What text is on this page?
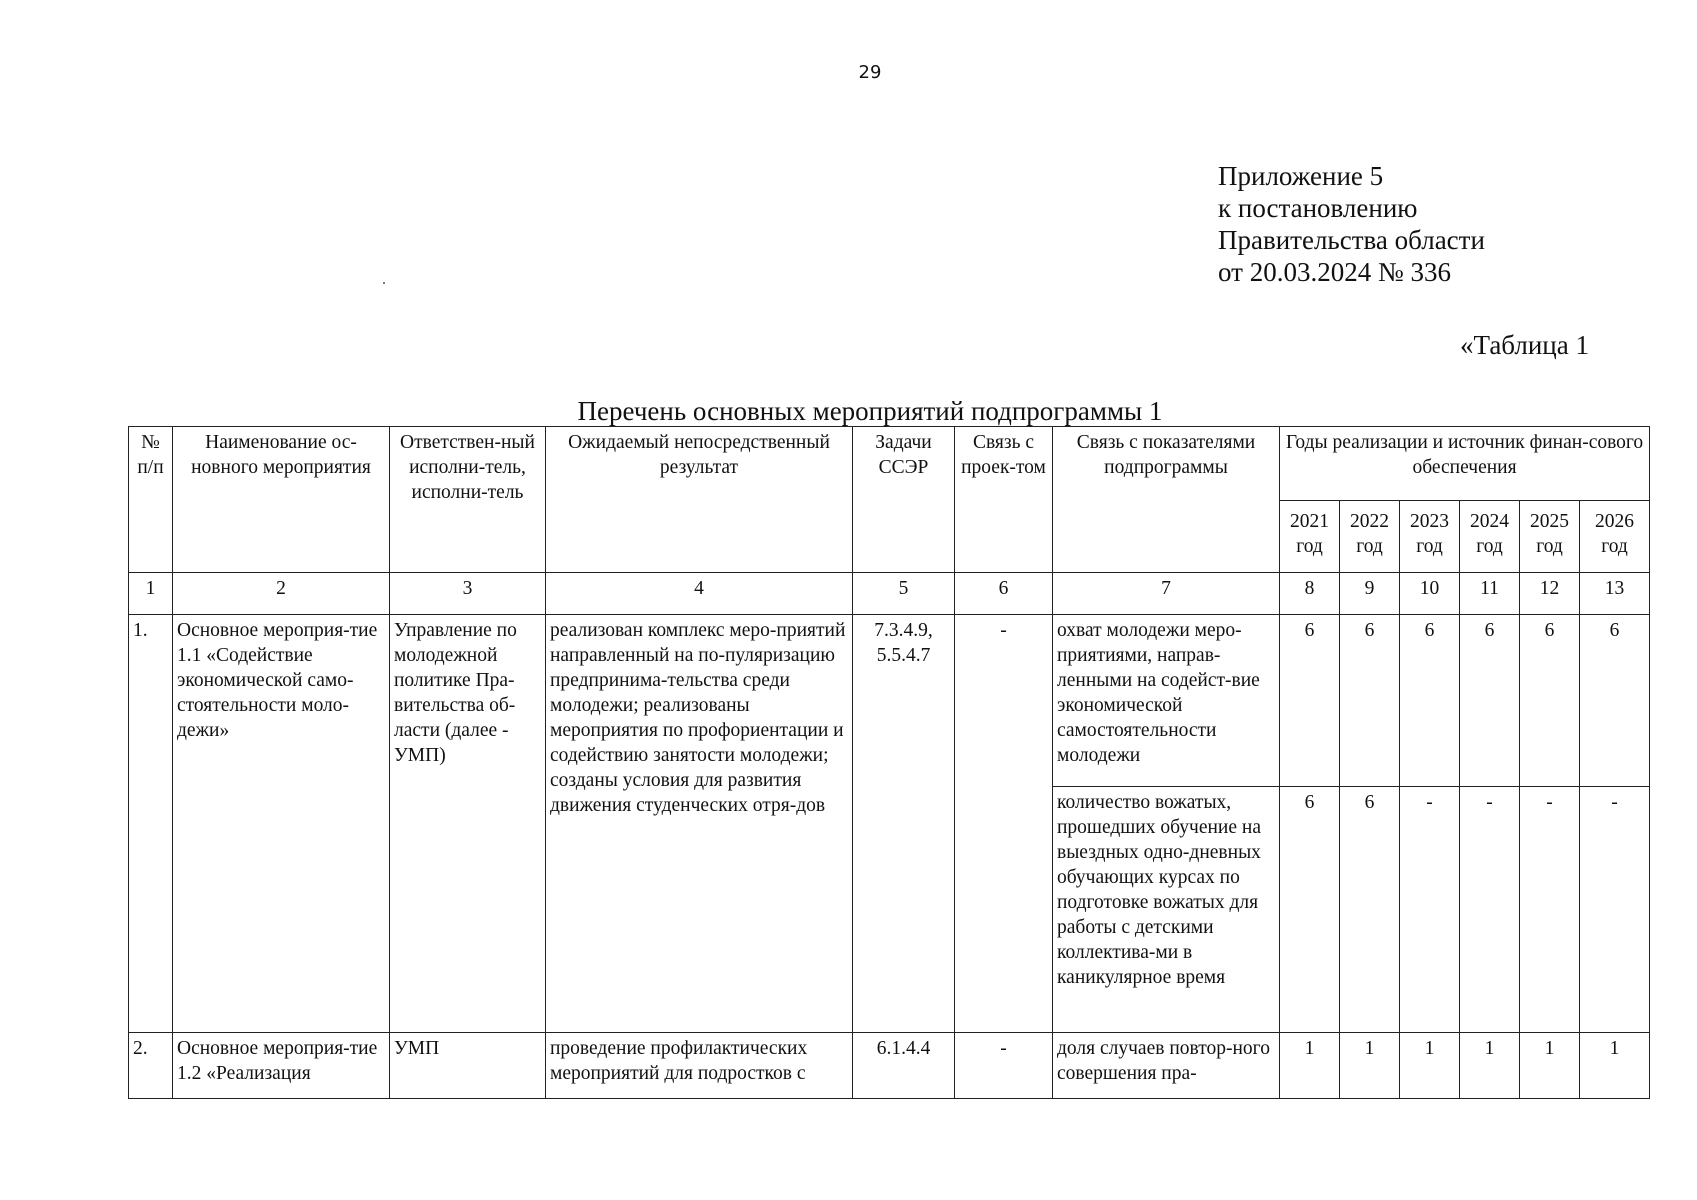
29
Приложение 5
к постановлению
Правительства области
от 20.03.2024 № 336
«Таблица 1
Перечень основных мероприятий подпрограммы 1
№ п/п	Наименование ос-новного мероприятия	Ответствен-ный исполни-тель, исполни-тель	Ожидаемый непосредственный результат	Задачи ССЭР	Связь с проек-том	Связь с показателями подпрограммы	Годы реализации и источник финан-сового обеспечения					
							2021 год	2022 год	2023 год	2024 год	2025 год	2026 год
1	2	3	4	5	6	7	8	9	10	11	12	13
1.	Основное мероприя-тие 1.1 «Содействие экономической само-стоятельности моло-дежи»	Управление по молодежной политике Пра-вительства об-ласти (далее - УМП)	реализован комплекс меро-приятий направленный на по-пуляризацию предпринима-тельства среди молодежи; реализованы мероприятия по профориентации и содействию занятости молодежи; созданы условия для развития движения студенческих отря-дов	7.3.4.9, 5.5.4.7	-	охват молодежи меро-приятиями, направ-ленными на содейст-вие экономической самостоятельности молодежи	6	6	6	6	6	6
						количество вожатых, прошедших обучение на выездных одно-дневных обучающих курсах по подготовке вожатых для работы с детскими коллектива-ми в каникулярное время	6	6	-	-	-	-
2.	Основное мероприя-тие 1.2 «Реализация	УМП	проведение профилактических мероприятий для подростков с	6.1.4.4	-	доля случаев повтор-ного совершения пра-	1	1	1	1	1	1
